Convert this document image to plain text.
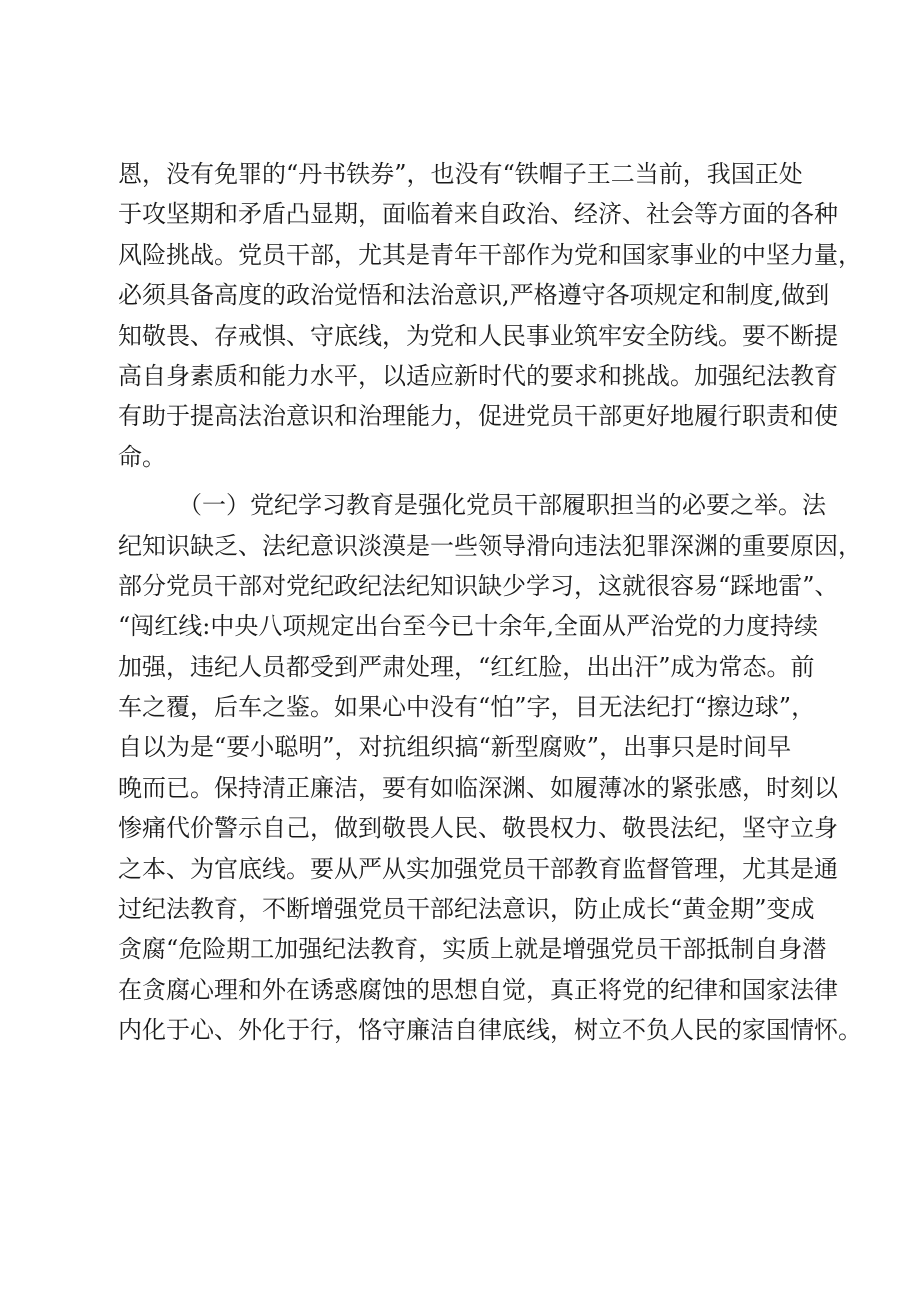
恩，没有免罪的“丹书铁券”，也没有“铁帽子王二当前，我国正处
于攻坚期和矛盾凸显期，面临着来自政治、经济、社会等方面的各种
风险挑战。党员干部，尤其是青年干部作为党和国家事业的中坚力量，
必须具备高度的政治觉悟和法治意识,严格遵守各项规定和制度,做到
知敬畏、存戒惧、守底线，为党和人民事业筑牢安全防线。要不断提
高自身素质和能力水平，以适应新时代的要求和挑战。加强纪法教育
有助于提高法治意识和治理能力，促进党员干部更好地履行职责和使
命。
（一）党纪学习教育是强化党员干部履职担当的必要之举。法
纪知识缺乏、法纪意识淡漠是一些领导滑向违法犯罪深渊的重要原因，
部分党员干部对党纪政纪法纪知识缺少学习，这就很容易“踩地雷”、
“闯红线:中央八项规定出台至今已十余年,全面从严治党的力度持续
加强，违纪人员都受到严肃处理，“红红脸，出出汗”成为常态。前
车之覆，后车之鉴。如果心中没有“怕”字，目无法纪打“擦边球”，
自以为是“要小聪明”，对抗组织搞“新型腐败”，出事只是时间早
晚而已。保持清正廉洁，要有如临深渊、如履薄冰的紧张感，时刻以
惨痛代价警示自己，做到敬畏人民、敬畏权力、敬畏法纪，坚守立身
之本、为官底线。要从严从实加强党员干部教育监督管理，尤其是通
过纪法教育，不断增强党员干部纪法意识，防止成长“黄金期”变成
贪腐“危险期工加强纪法教育，实质上就是增强党员干部抵制自身潜
在贪腐心理和外在诱惑腐蚀的思想自觉，真正将党的纪律和国家法律
内化于心、外化于行，恪守廉洁自律底线，树立不负人民的家国情怀。
